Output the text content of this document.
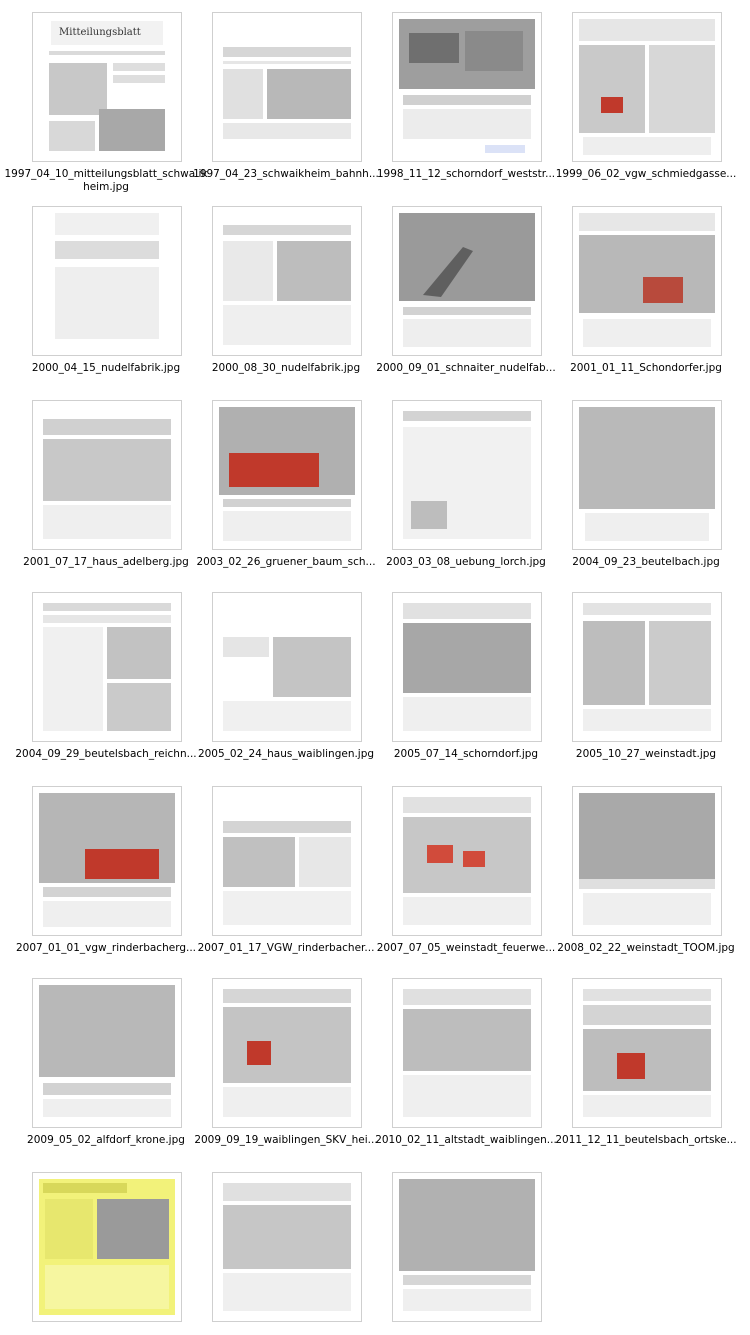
Mitteilungsblatt
1997_04_10_mitteilungsblatt_schwa ikheim.jpg
1997_04_23_schwaikheim_bahnh...
1998_11_12_schorndorf_weststr... 1999_06_02_vgw_schmiedgasse...
2000_04_15_nudelfabrik.jpg	2000_08_30_nudelfabrik.jpg	2000_09_01_schnaiter_nudelfab...	2001_01_11_Schondorfer.jpg
2001_07_17_haus_adelberg.jpg 2003_02_26_gruener_baum_sch...	2003_03_08_uebung_lorch.jpg	2004_09_23_beutelbach.jpg
2004_09_29_beutelsbach_reichn... 2005_02_24_haus_waiblingen.jpg	2005_07_14_schorndorf.jpg	2005_10_27_weinstadt.jpg
2007_01_01_vgw_rinderbacherg... 2007_01_17_VGW_rinderbacher... 2007_07_05_weinstadt_feuerwe... 2008_02_22_weinstadt_TOOM.jpg
2009_05_02_alfdorf_krone.jpg 2009_09_19_waiblingen_SKV_hei...
2010_02_11_altstadt_waiblingen...
2011_12_11_beutelsbach_ortske...
